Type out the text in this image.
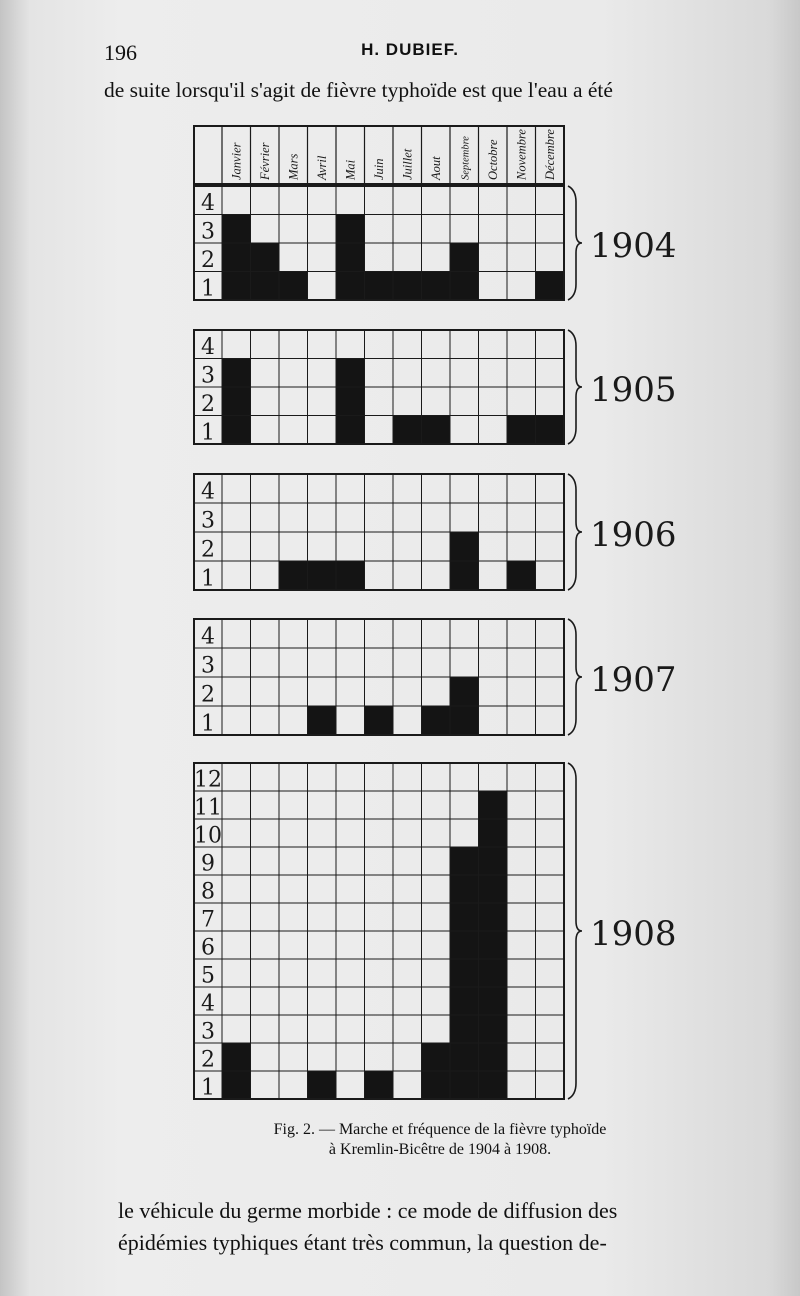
196	H. DUBIEF.
de suite lorsqu'il s'agit de fièvre typhoïde est que l'eau a été
Janvier Février Mars Avril Mai Juin Juillet Aout Septembre Octobre Novembre Décembre
1
2
3
4
1904
1
2
3
4
1905
1
2
3
4
1906
1
2
3
4
1907
1
2
3
4
5
6
7
8
9
10
11
12
1908
Fig. 2. — Marche et fréquence de la fièvre typhoïde
à Kremlin-Bicêtre de 1904 à 1908.
le véhicule du germe morbide : ce mode de diffusion des
épidémies typhiques étant très commun, la question de-
